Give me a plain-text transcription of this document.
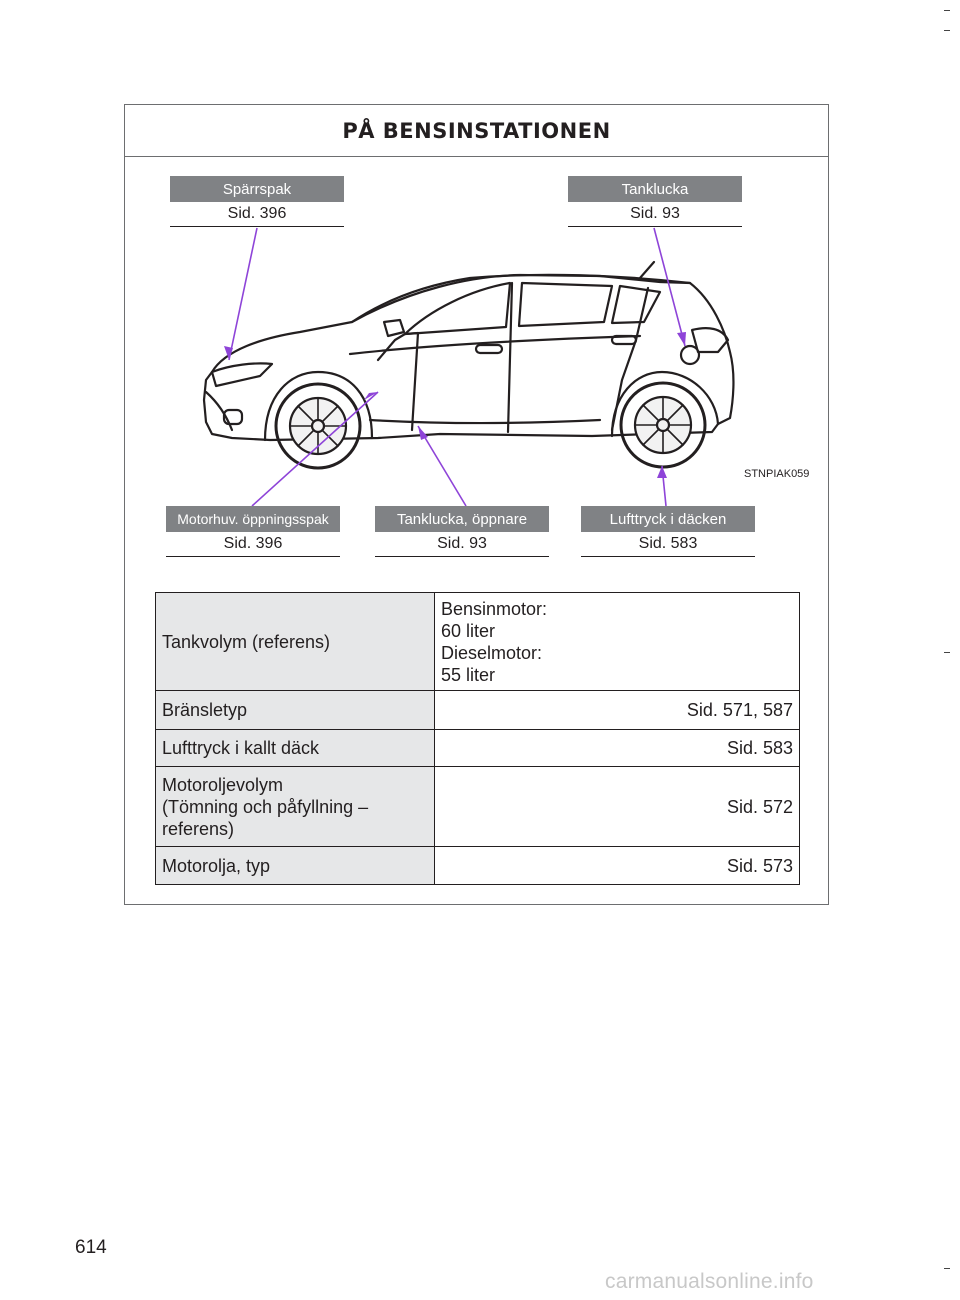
PÅ BENSINSTATIONEN
STNPIAK059
Spärrspak
Sid. 396
Tanklucka
Sid. 93
Motorhuv. öppningsspak
Sid. 396
Tanklucka, öppnare
Sid. 93
Lufttryck i däcken
Sid. 583
Tankvolym (referens)	Bensinmotor:
60 liter
Dieselmotor:
55 liter

Bränsletyp	Sid. 571, 587
Lufttryck i kallt däck	Sid. 583

Motoroljevolym
(Tömning och påfyllning –
referens)	Sid. 572
Motorolja, typ	Sid. 573
614
carmanualsonline.info
